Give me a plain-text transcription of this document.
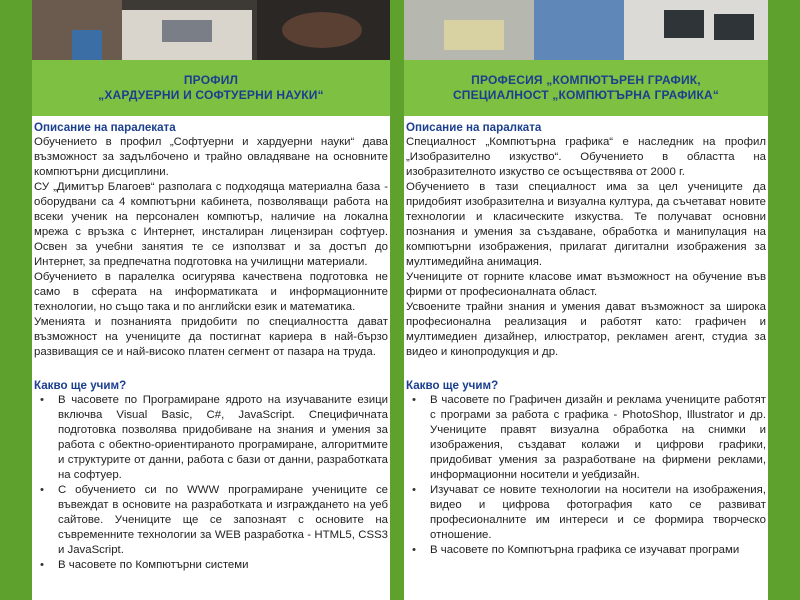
ПРОФИЛ
„ХАРДУЕРНИ И СОФТУЕРНИ НАУКИ“
ПРОФЕСИЯ „КОМПЮТЪРЕН ГРАФИК,
СПЕЦИАЛНОСТ „КОМПЮТЪРНА ГРАФИКА“

Описание на паралеката

Обучението в профил „Софтуерни и хардуерни науки“ дава възможност за задълбочено и трайно овладяване на основните компютърни дисциплини.

СУ „Димитър Благоев“ разполага с подходяща материална база - оборудвани са 4 компютърни кабинета, позволяващи работа на всеки ученик на персонален компютър, наличие на локална мрежа с връзка с Интернет, инсталиран лицензиран софтуер. Освен за учебни занятия те се използват и за достъп до Интернет, за предпечатна подготовка на училищни материали.

Обучението в паралелка осигурява качествена подготовка не само в сферата на информатиката и информационните технологии, но също така и по английски език и математика.

Уменията и познанията придобити по специалността дават възможност на учениците да постигнат кариера в най-бързо развиващия се и най-високо платен сегмент от пазара на труда.

Какво ще учим?

• В часовете по Програмиране ядрото на изучаваните езици включва Visual Basic, C#, JavaScript. Специфичната подготовка позволява придобиване на знания и умения за работа с обектно-ориентираното програмиране, алгоритмите и структурите от данни, работа с бази от данни, разработката на софтуер.
• С обучението си по WWW програмиране учениците се въвеждат в основите на разработката и изграждането на уеб сайтове. Учениците ще се запознаят с основите на съвременните технологии за WEB разработка - HTML5, CSS3 и JavaScript.
• В часовете по Компютърни системи

Описание на паралката

Специалност „Компютърна графика“ е наследник на профил „Изобразително изкуство“. Обучението в областта на изобразителното изкуство се осъществява от 2000 г.

Обучението в тази специалност има за цел учениците да придобият изобразителна и визуална култура, да съчетават новите технологии и класическите изкуства. Те получават основни познания и умения за създаване, обработка и манипулация на компютърни изображения, прилагат дигитални изображения за мултимедийна анимация.

Учениците от горните класове имат възможност на обучение във фирми от професионалната област.

Усвоените трайни знания и умения дават възможност за широка професионална реализация и работят като: графичен и мултимедиен дизайнер, илюстратор, рекламен агент, студиа за видео и кинопродукция и др.

Какво ще учим?

• В часовете по Графичен дизайн и реклама учениците работят с програми за работа с графика - PhotoShop, Illustrator и др. Учениците правят визуална обработка на снимки и изображения, създават колажи и цифрови графики, придобиват умения за разработване на фирмени реклами, информационни носители и уебдизайн.
• Изучават се новите технологии на носители на изображения, видео и цифрова фотография като се развиват професионалните им интереси и се формира творческо отношение.
• В часовете по Компютърна графика се изучават програми
